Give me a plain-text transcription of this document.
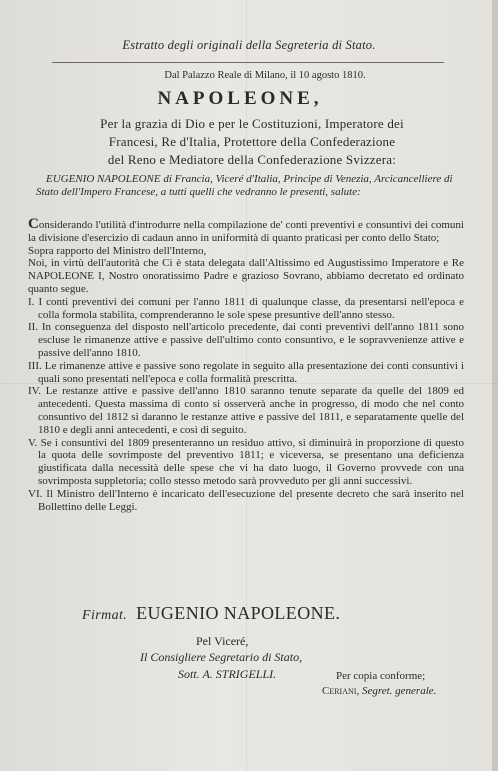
Estratto degli originali della Segreteria di Stato.
Dal Palazzo Reale di Milano, il 10 agosto 1810.
NAPOLEONE,
Per la grazia di Dio e per le Costituzioni, Imperatore dei
Francesi, Re d'Italia, Protettore della Confederazione
del Reno e Mediatore della Confederazione Svizzera:
EUGENIO NAPOLEONE di Francia, Viceré d'Italia, Principe di Venezia, Arcicancelliere di Stato dell'Impero Francese, a tutti quelli che vedranno le presenti, salute:

Considerando l'utilità d'introdurre nella compilazione de' conti preventivi e consuntivi dei comuni la divisione d'esercizio di cadaun anno in uniformità di quanto praticasi per conto dello Stato;

Sopra rapporto del Ministro dell'Interno,

Noi, in virtù dell'autorità che Ci è stata delegata dall'Altissimo ed Augustissimo Imperatore e Re NAPOLEONE I, Nostro onoratissimo Padre e grazioso Sovrano, abbiamo decretato ed ordinato quanto segue.

I. I conti preventivi dei comuni per l'anno 1811 di qualunque classe, da presentarsi nell'epoca e colla formola stabilita, comprenderanno le sole spese presuntive dell'anno stesso.

II. In conseguenza del disposto nell'articolo precedente, dai conti preventivi dell'anno 1811 sono escluse le rimanenze attive e passive dell'ultimo conto consuntivo, e le sopravvenienze attive e passive dell'anno 1810.

III. Le rimanenze attive e passive sono regolate in seguito alla presentazione dei conti consuntivi i quali sono presentati nell'epoca e colla formalità prescritta.

IV. Le restanze attive e passive dell'anno 1810 saranno tenute separate da quelle del 1809 ed antecedenti. Questa massima di conto si osserverà anche in progresso, di modo che nel conto consuntivo del 1812 si daranno le restanze attive e passive del 1811, e separatamente quelle del 1810 e degli anni antecedenti, e così di seguito.

V. Se i consuntivi del 1809 presenteranno un residuo attivo, si diminuirà in proporzione di questo la quota delle sovrimposte del preventivo 1811; e viceversa, se presentano una deficienza giustificata dalla necessità delle spese che vi ha dato luogo, il Governo provvede con una sovrimposta suppletoria; collo stesso metodo sarà provveduto per gli anni successivi.

VI. Il Ministro dell'Interno è incaricato dell'esecuzione del presente decreto che sarà inserito nel Bollettino delle Leggi.

Firmat. EUGENIO NAPOLEONE.
Pel Viceré,
Il Consigliere Segretario di Stato,
Sott. A. STRIGELLI.	Per copia conforme;
Ceriani, Segret. generale.
